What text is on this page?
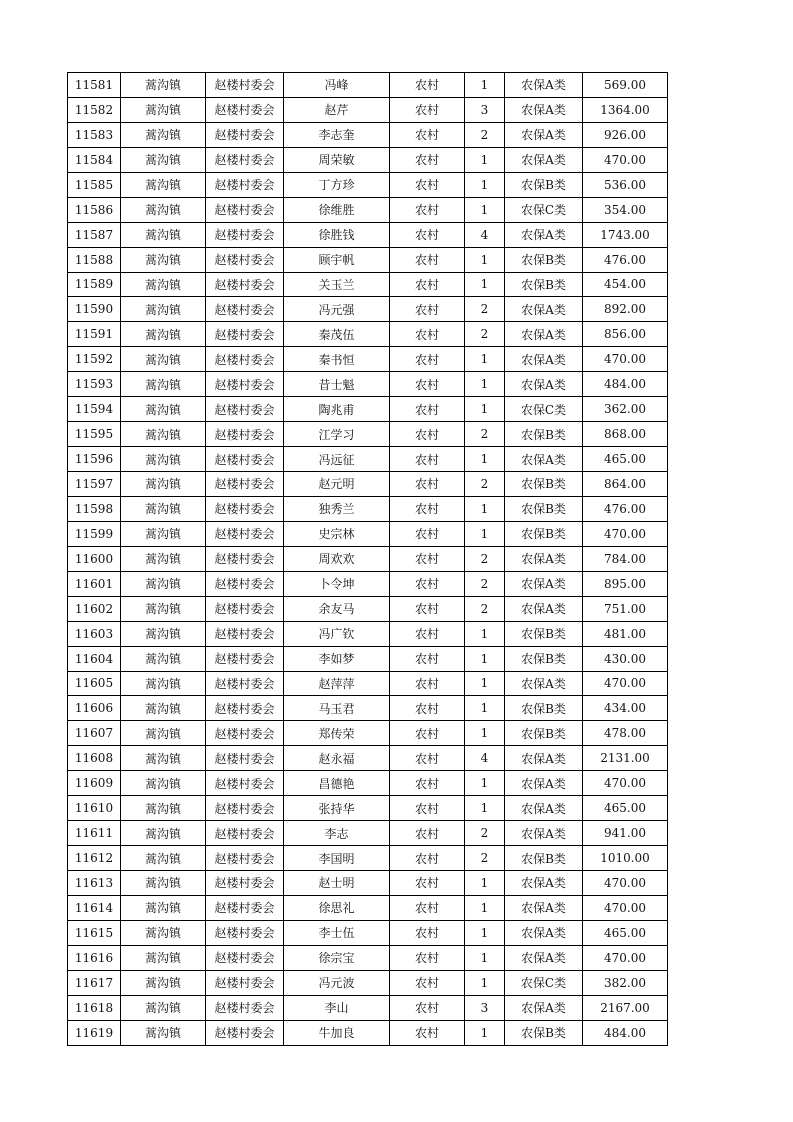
11581	蒿沟镇	赵楼村委会	冯峰	农村	1	农保A类	569.00
11582	蒿沟镇	赵楼村委会	赵芹	农村	3	农保A类	1364.00
11583	蒿沟镇	赵楼村委会	李志奎	农村	2	农保A类	926.00
11584	蒿沟镇	赵楼村委会	周荣敏	农村	1	农保A类	470.00
11585	蒿沟镇	赵楼村委会	丁方珍	农村	1	农保B类	536.00
11586	蒿沟镇	赵楼村委会	徐维胜	农村	1	农保C类	354.00
11587	蒿沟镇	赵楼村委会	徐胜钱	农村	4	农保A类	1743.00
11588	蒿沟镇	赵楼村委会	顾宇帆	农村	1	农保B类	476.00
11589	蒿沟镇	赵楼村委会	关玉兰	农村	1	农保B类	454.00
11590	蒿沟镇	赵楼村委会	冯元强	农村	2	农保A类	892.00
11591	蒿沟镇	赵楼村委会	秦茂伍	农村	2	农保A类	856.00
11592	蒿沟镇	赵楼村委会	秦书恒	农村	1	农保A类	470.00
11593	蒿沟镇	赵楼村委会	昔士魁	农村	1	农保A类	484.00
11594	蒿沟镇	赵楼村委会	陶兆甫	农村	1	农保C类	362.00
11595	蒿沟镇	赵楼村委会	江学习	农村	2	农保B类	868.00
11596	蒿沟镇	赵楼村委会	冯远征	农村	1	农保A类	465.00
11597	蒿沟镇	赵楼村委会	赵元明	农村	2	农保B类	864.00
11598	蒿沟镇	赵楼村委会	独秀兰	农村	1	农保B类	476.00
11599	蒿沟镇	赵楼村委会	史宗林	农村	1	农保B类	470.00
11600	蒿沟镇	赵楼村委会	周欢欢	农村	2	农保A类	784.00
11601	蒿沟镇	赵楼村委会	卜令坤	农村	2	农保A类	895.00
11602	蒿沟镇	赵楼村委会	余友马	农村	2	农保A类	751.00
11603	蒿沟镇	赵楼村委会	冯广钦	农村	1	农保B类	481.00
11604	蒿沟镇	赵楼村委会	李如梦	农村	1	农保B类	430.00
11605	蒿沟镇	赵楼村委会	赵萍萍	农村	1	农保A类	470.00
11606	蒿沟镇	赵楼村委会	马玉君	农村	1	农保B类	434.00
11607	蒿沟镇	赵楼村委会	郑传荣	农村	1	农保B类	478.00
11608	蒿沟镇	赵楼村委会	赵永福	农村	4	农保A类	2131.00
11609	蒿沟镇	赵楼村委会	昌德艳	农村	1	农保A类	470.00
11610	蒿沟镇	赵楼村委会	张持华	农村	1	农保A类	465.00
11611	蒿沟镇	赵楼村委会	李志	农村	2	农保A类	941.00
11612	蒿沟镇	赵楼村委会	李国明	农村	2	农保B类	1010.00
11613	蒿沟镇	赵楼村委会	赵士明	农村	1	农保A类	470.00
11614	蒿沟镇	赵楼村委会	徐思礼	农村	1	农保A类	470.00
11615	蒿沟镇	赵楼村委会	李士伍	农村	1	农保A类	465.00
11616	蒿沟镇	赵楼村委会	徐宗宝	农村	1	农保A类	470.00
11617	蒿沟镇	赵楼村委会	冯元波	农村	1	农保C类	382.00
11618	蒿沟镇	赵楼村委会	李山	农村	3	农保A类	2167.00
11619	蒿沟镇	赵楼村委会	牛加良	农村	1	农保B类	484.00
